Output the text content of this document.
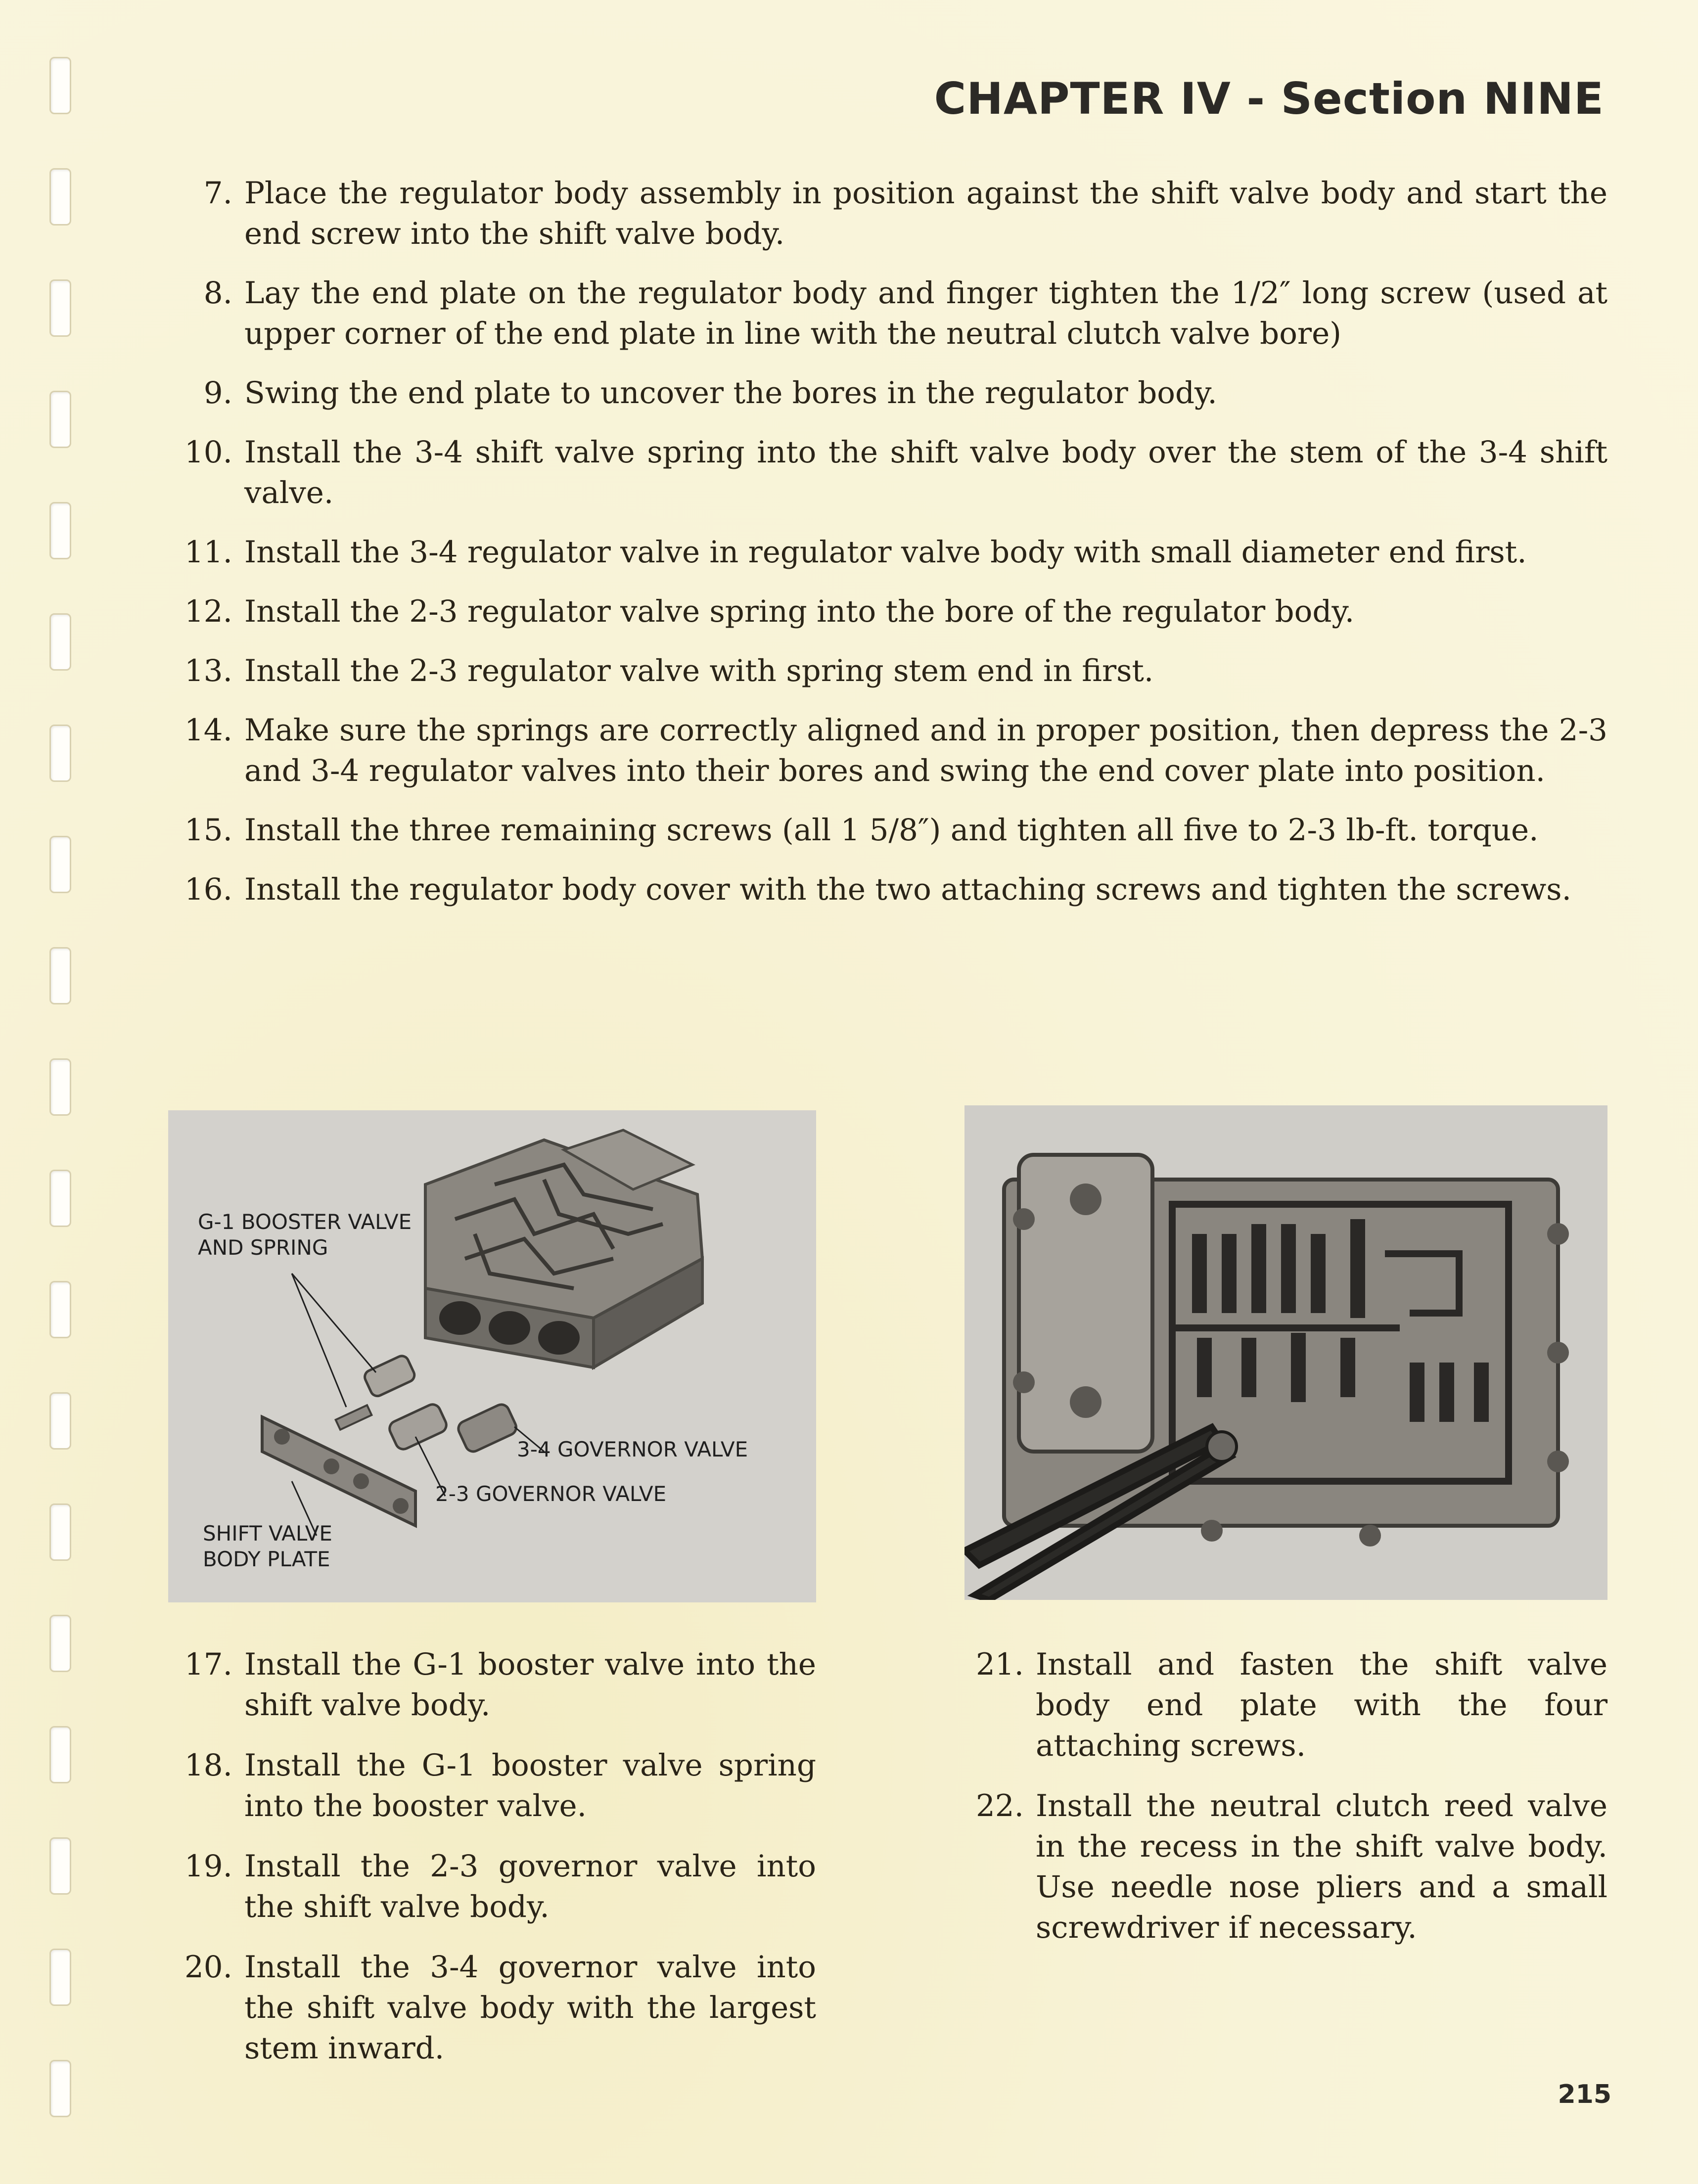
CHAPTER IV - Section NINE
7. Place the regulator body assembly in position against the shift valve body and start the end screw into the shift valve body.
8. Lay the end plate on the regulator body and finger tighten the 1/2″ long screw (used at upper corner of the end plate in line with the neutral clutch valve bore)
9. Swing the end plate to uncover the bores in the regulator body.
10. Install the 3-4 shift valve spring into the shift valve body over the stem of the 3-4 shift valve.
11. Install the 3-4 regulator valve in regulator valve body with small diameter end first.
12. Install the 2-3 regulator valve spring into the bore of the regulator body.
13. Install the 2-3 regulator valve with spring stem end in first.
14. Make sure the springs are correctly aligned and in proper position, then depress the 2-3 and 3-4 regulator valves into their bores and swing the end cover plate into position.
15. Install the three remaining screws (all 1 5/8″) and tighten all five to 2-3 lb-ft. torque.
16. Install the regulator body cover with the two attaching screws and tighten the screws.
G-1 BOOSTER VALVE
AND SPRING
3-4 GOVERNOR VALVE
2-3 GOVERNOR VALVE
SHIFT VALVE
BODY PLATE
17. Install the G-1 booster valve into the shift valve body.
18. Install the G-1 booster valve spring into the booster valve.
19. Install the 2-3 governor valve into the shift valve body.
20. Install the 3-4 governor valve into the shift valve body with the largest stem inward.
21. Install and fasten the shift valve body end plate with the four attaching screws.
22. Install the neutral clutch reed valve in the recess in the shift valve body. Use needle nose pliers and a small screwdriver if necessary.
215
